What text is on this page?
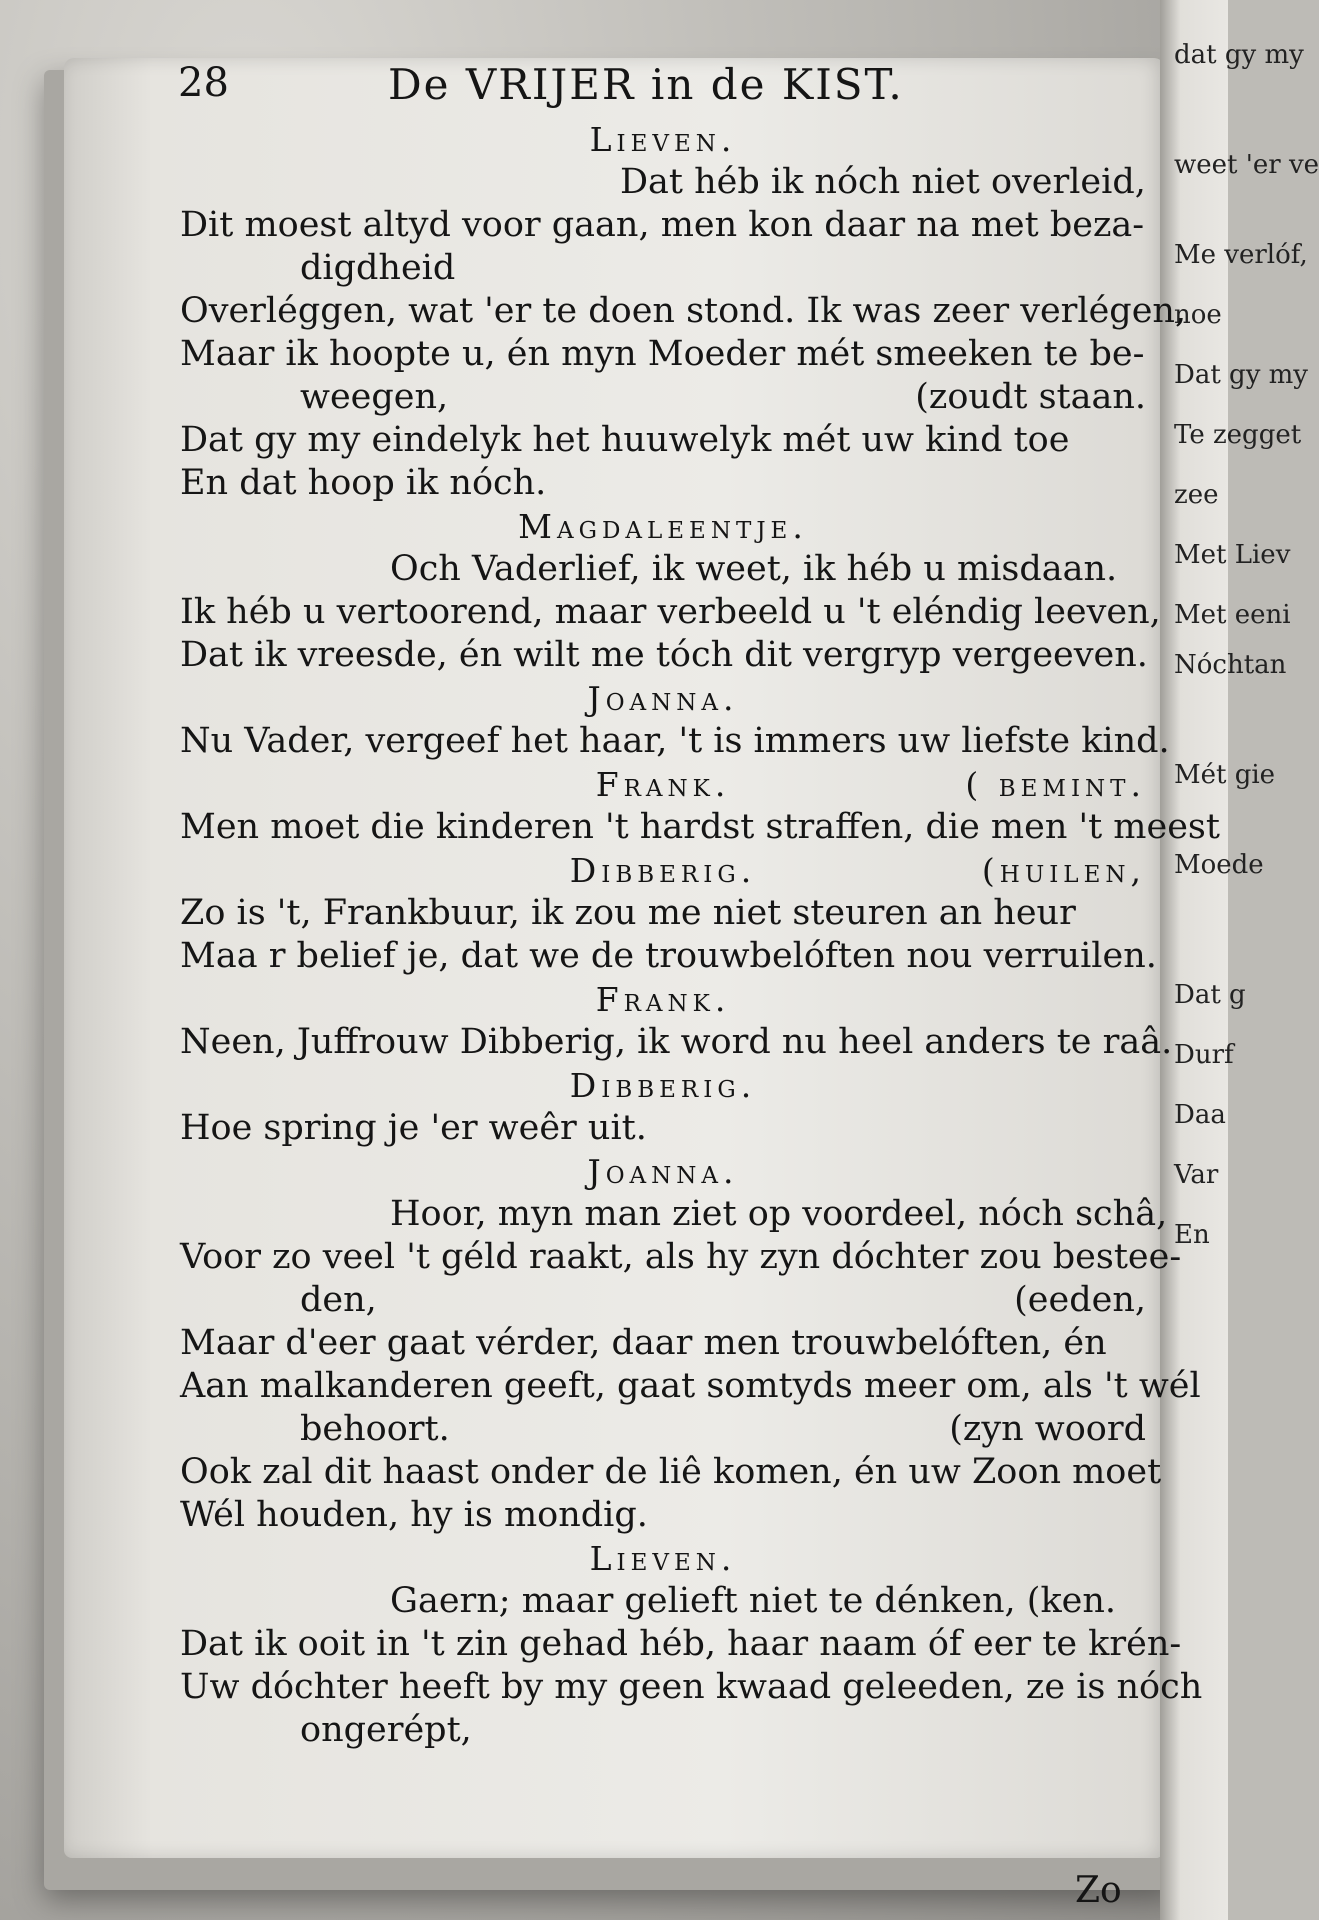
dat gy my
weet 'er ve
Me verlóf,
noe
Dat gy my
Te zegget
zee
Met Liev
Met eeni
Nóchtan
Mét gie
Moede
Dat g
Durf
Daa
Var
En
28	De VRIJER in de KIST.
Lieven.
Dat héb ik nóch niet overleid,
Dit moest altyd voor gaan, men kon daar na met beza-
digdheid
Overléggen, wat 'er te doen stond. Ik was zeer verlégen,
Maar ik hoopte u, én myn Moeder mét smeeken te be-
weegen,	(zoudt staan.
Dat gy my eindelyk het huuwelyk mét uw kind toe
En dat hoop ik nóch.
Magdaleentje.
Och Vaderlief, ik weet, ik héb u misdaan.
Ik héb u vertoorend, maar verbeeld u 't eléndig leeven,
Dat ik vreesde, én wilt me tóch dit vergryp vergeeven.
Joanna.
Nu Vader, vergeef het haar, 't is immers uw liefste kind.
Frank.	( bemint.
Men moet die kinderen 't hardst straffen, die men 't meest
Dibberig.	(huilen,
Zo is 't, Frankbuur, ik zou me niet steuren an heur
Maa r belief je, dat we de trouwbelóften nou verruilen.
Frank.
Neen, Juffrouw Dibberig, ik word nu heel anders te raâ.
Dibberig.
Hoe spring je 'er weêr uit.
Joanna.
Hoor, myn man ziet op voordeel, nóch schâ,
Voor zo veel 't géld raakt, als hy zyn dóchter zou bestee-
den,	(eeden,
Maar d'eer gaat vérder, daar men trouwbelóften, én
Aan malkanderen geeft, gaat somtyds meer om, als 't wél
behoort.	(zyn woord
Ook zal dit haast onder de liê komen, én uw Zoon moet
Wél houden, hy is mondig.
Lieven.
Gaern; maar gelieft niet te dénken, (ken.
Dat ik ooit in 't zin gehad héb, haar naam óf eer te krén-
Uw dóchter heeft by my geen kwaad geleeden, ze is nóch
ongerépt,
Zo
